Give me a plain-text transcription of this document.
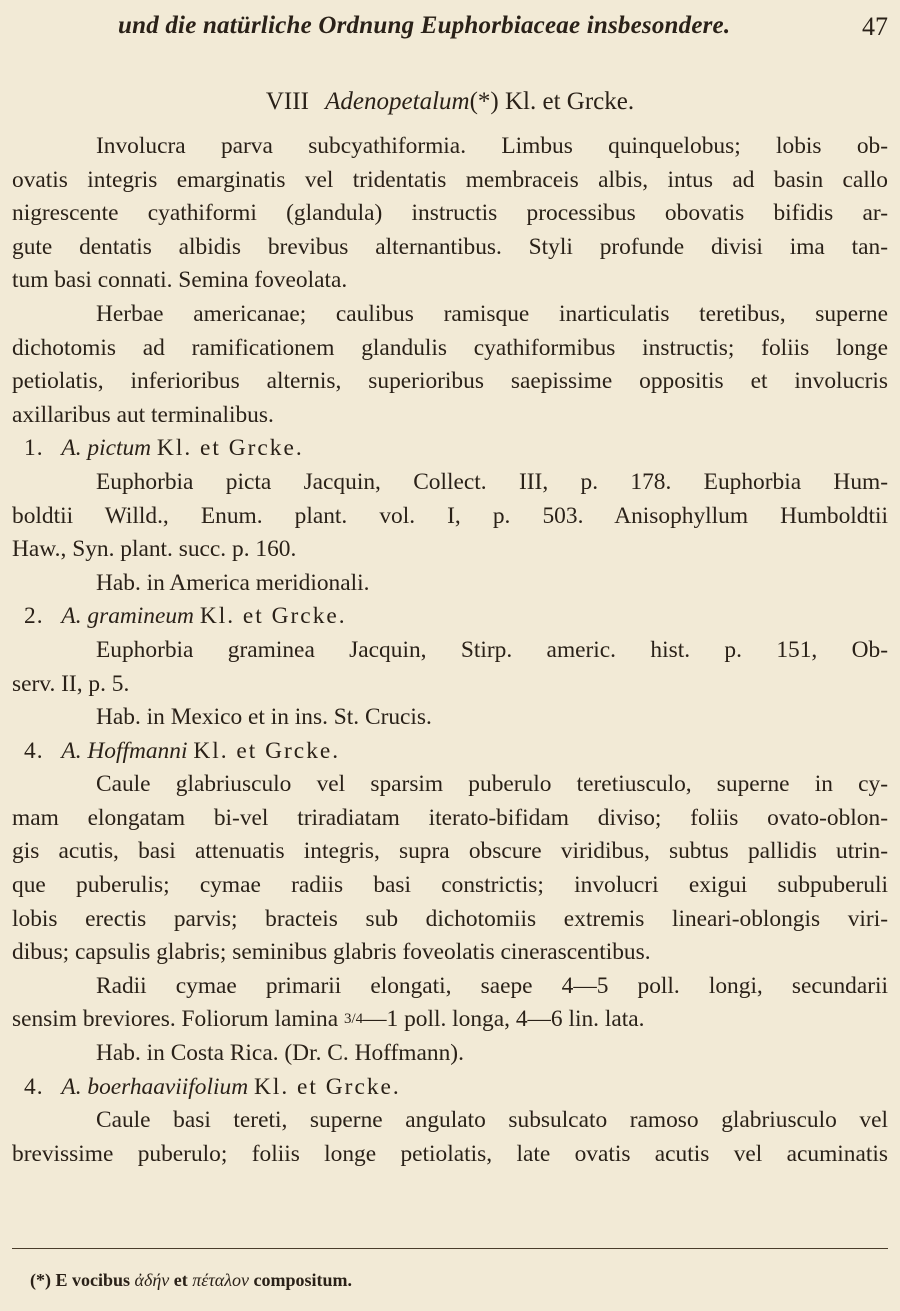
und die natürliche Ordnung Euphorbiaceae insbesondere.	47
VIII Adenopetalum(*) Kl. et Grcke.
Involucra parva subcyathiformia. Limbus quinquelobus; lobis ob-
ovatis integris emarginatis vel tridentatis membraceis albis, intus ad basin callo
nigrescente cyathiformi (glandula) instructis processibus obovatis bifidis ar-
gute dentatis albidis brevibus alternantibus. Styli profunde divisi ima tan-
tum basi connati. Semina foveolata.
Herbae americanae; caulibus ramisque inarticulatis teretibus, superne
dichotomis ad ramificationem glandulis cyathiformibus instructis; foliis longe
petiolatis, inferioribus alternis, superioribus saepissime oppositis et involucris
axillaribus aut terminalibus.
1. A. pictum Kl. et Grcke.
Euphorbia picta Jacquin, Collect. III, p. 178. Euphorbia Hum-
boldtii Willd., Enum. plant. vol. I, p. 503. Anisophyllum Humboldtii
Haw., Syn. plant. succ. p. 160.
Hab. in America meridionali.
2. A. gramineum Kl. et Grcke.
Euphorbia graminea Jacquin, Stirp. americ. hist. p. 151, Ob-
serv. II, p. 5.
Hab. in Mexico et in ins. St. Crucis.
4. A. Hoffmanni Kl. et Grcke.
Caule glabriusculo vel sparsim puberulo teretiusculo, superne in cy-
mam elongatam bi-vel triradiatam iterato-bifidam diviso; foliis ovato-oblon-
gis acutis, basi attenuatis integris, supra obscure viridibus, subtus pallidis utrin-
que puberulis; cymae radiis basi constrictis; involucri exigui subpuberuli
lobis erectis parvis; bracteis sub dichotomiis extremis lineari-oblongis viri-
dibus; capsulis glabris; seminibus glabris foveolatis cinerascentibus.
Radii cymae primarii elongati, saepe 4—5 poll. longi, secundarii
sensim breviores. Foliorum lamina 3/4—1 poll. longa, 4—6 lin. lata.
Hab. in Costa Rica. (Dr. C. Hoffmann).
4. A. boerhaaviifolium Kl. et Grcke.
Caule basi tereti, superne angulato subsulcato ramoso glabriusculo vel
brevissime puberulo; foliis longe petiolatis, late ovatis acutis vel acuminatis
(*) E vocibus ἀδήν et πέταλον compositum.
